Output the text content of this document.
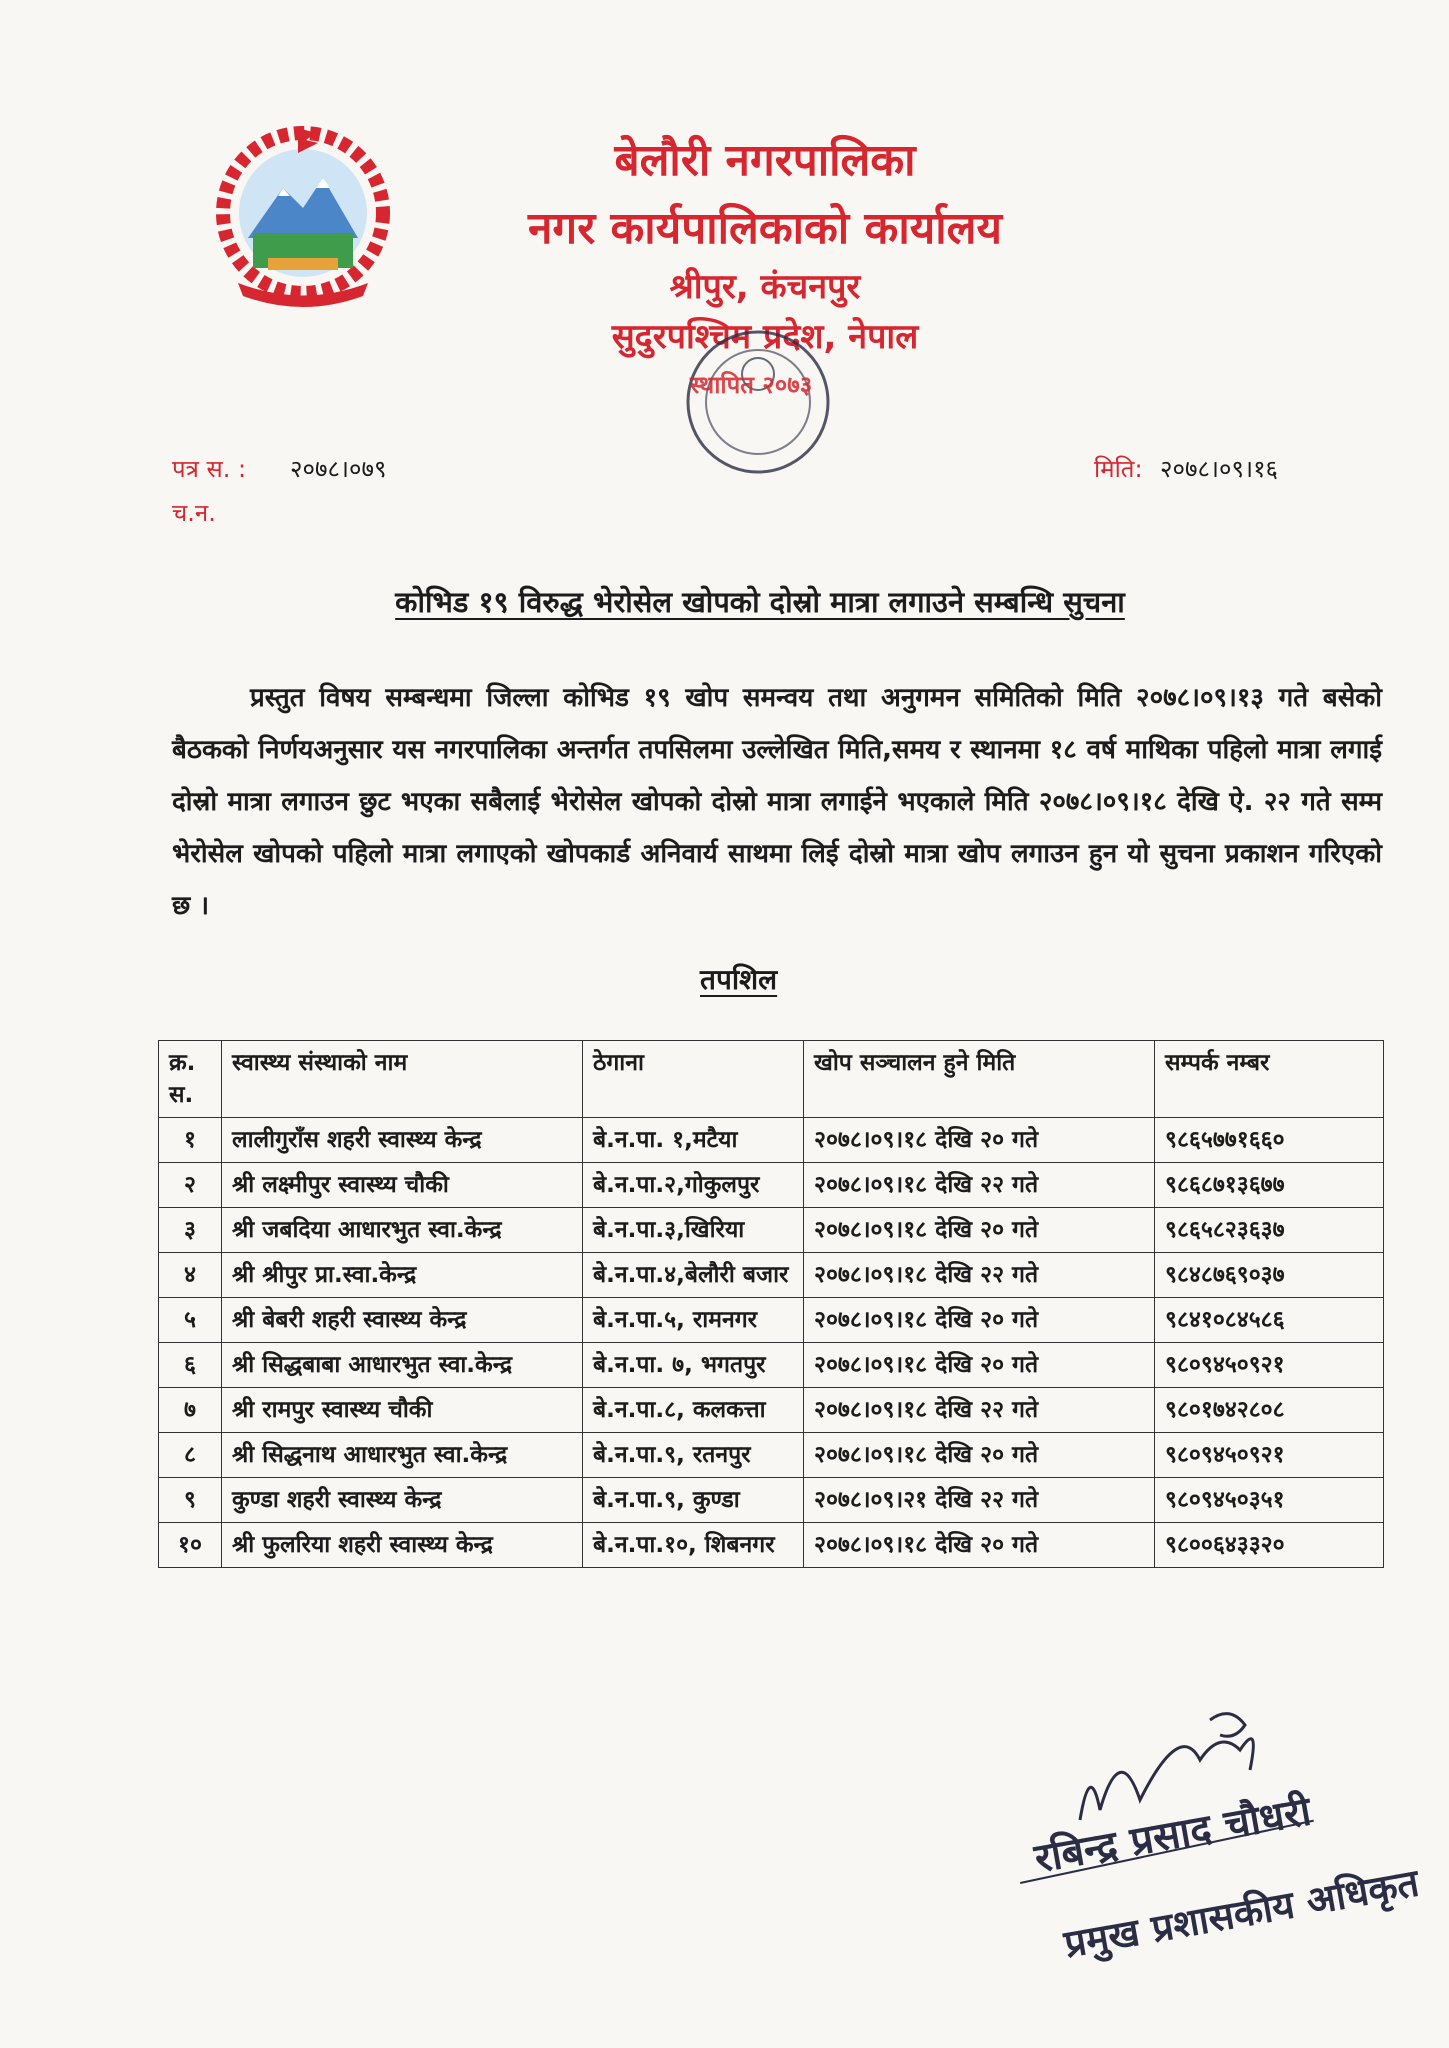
बेलौरी नगरपालिका
नगर कार्यपालिकाको कार्यालय
श्रीपुर, कंचनपुर
सुदुरपश्चिम प्रदेश, नेपाल
स्थापित २०७३
पत्र स. : २०७८।०७९
च.न.
मिति: २०७८।०९।१६
कोभिड १९ विरुद्ध भेरोसेल खोपको दोस्रो मात्रा लगाउने सम्बन्धि सुचना
प्रस्तुत विषय सम्बन्धमा जिल्ला कोभिड १९ खोप समन्वय तथा अनुगमन समितिको मिति २०७८।०९।१३ गते बसेको बैठकको निर्णयअनुसार यस नगरपालिका अन्तर्गत तपसिलमा उल्लेखित मिति,समय र स्थानमा १८ वर्ष माथिका पहिलो मात्रा लगाई दोस्रो मात्रा लगाउन छुट भएका सबैलाई भेरोसेल खोपको दोस्रो मात्रा लगाईने भएकाले मिति २०७८।०९।१८ देखि ऐ. २२ गते सम्म भेरोसेल खोपको पहिलो मात्रा लगाएको खोपकार्ड अनिवार्य साथमा लिई दोस्रो मात्रा खोप लगाउन हुन यो सुचना प्रकाशन गरिएको छ ।
तपशिल
क्र. स.	स्वास्थ्य संस्थाको नाम	ठेगाना	खोप सञ्चालन हुने मिति	सम्पर्क नम्बर
१	लालीगुराँस शहरी स्वास्थ्य केन्द्र	बे.न.पा. १,मटैया	२०७८।०९।१८ देखि २० गते	९८६५७७१६६०
२	श्री लक्ष्मीपुर स्वास्थ्य चौकी	बे.न.पा.२,गोकुलपुर	२०७८।०९।१८ देखि २२ गते	९८६८७१३६७७
३	श्री जबदिया आधारभुत स्वा.केन्द्र	बे.न.पा.३,खिरिया	२०७८।०९।१८ देखि २० गते	९८६५८२३६३७
४	श्री श्रीपुर प्रा.स्वा.केन्द्र	बे.न.पा.४,बेलौरी बजार	२०७८।०९।१८ देखि २२ गते	९८४८७६९०३७
५	श्री बेबरी शहरी स्वास्थ्य केन्द्र	बे.न.पा.५, रामनगर	२०७८।०९।१८ देखि २० गते	९८४१०८४५८६
६	श्री सिद्धबाबा आधारभुत स्वा.केन्द्र	बे.न.पा. ७, भगतपुर	२०७८।०९।१८ देखि २० गते	९८०९४५०९२१
७	श्री रामपुर स्वास्थ्य चौकी	बे.न.पा.८, कलकत्ता	२०७८।०९।१८ देखि २२ गते	९८०१७४२८०८
८	श्री सिद्धनाथ आधारभुत स्वा.केन्द्र	बे.न.पा.९, रतनपुर	२०७८।०९।१८ देखि २० गते	९८०९४५०९२१
९	कुण्डा शहरी स्वास्थ्य केन्द्र	बे.न.पा.९, कुण्डा	२०७८।०९।२१ देखि २२ गते	९८०९४५०३५१
१०	श्री फुलरिया शहरी स्वास्थ्य केन्द्र	बे.न.पा.१०, शिबनगर	२०७८।०९।१८ देखि २० गते	९८००६४३३२०
रबिन्द्र प्रसाद चौधरी
प्रमुख प्रशासकीय अधिकृत
